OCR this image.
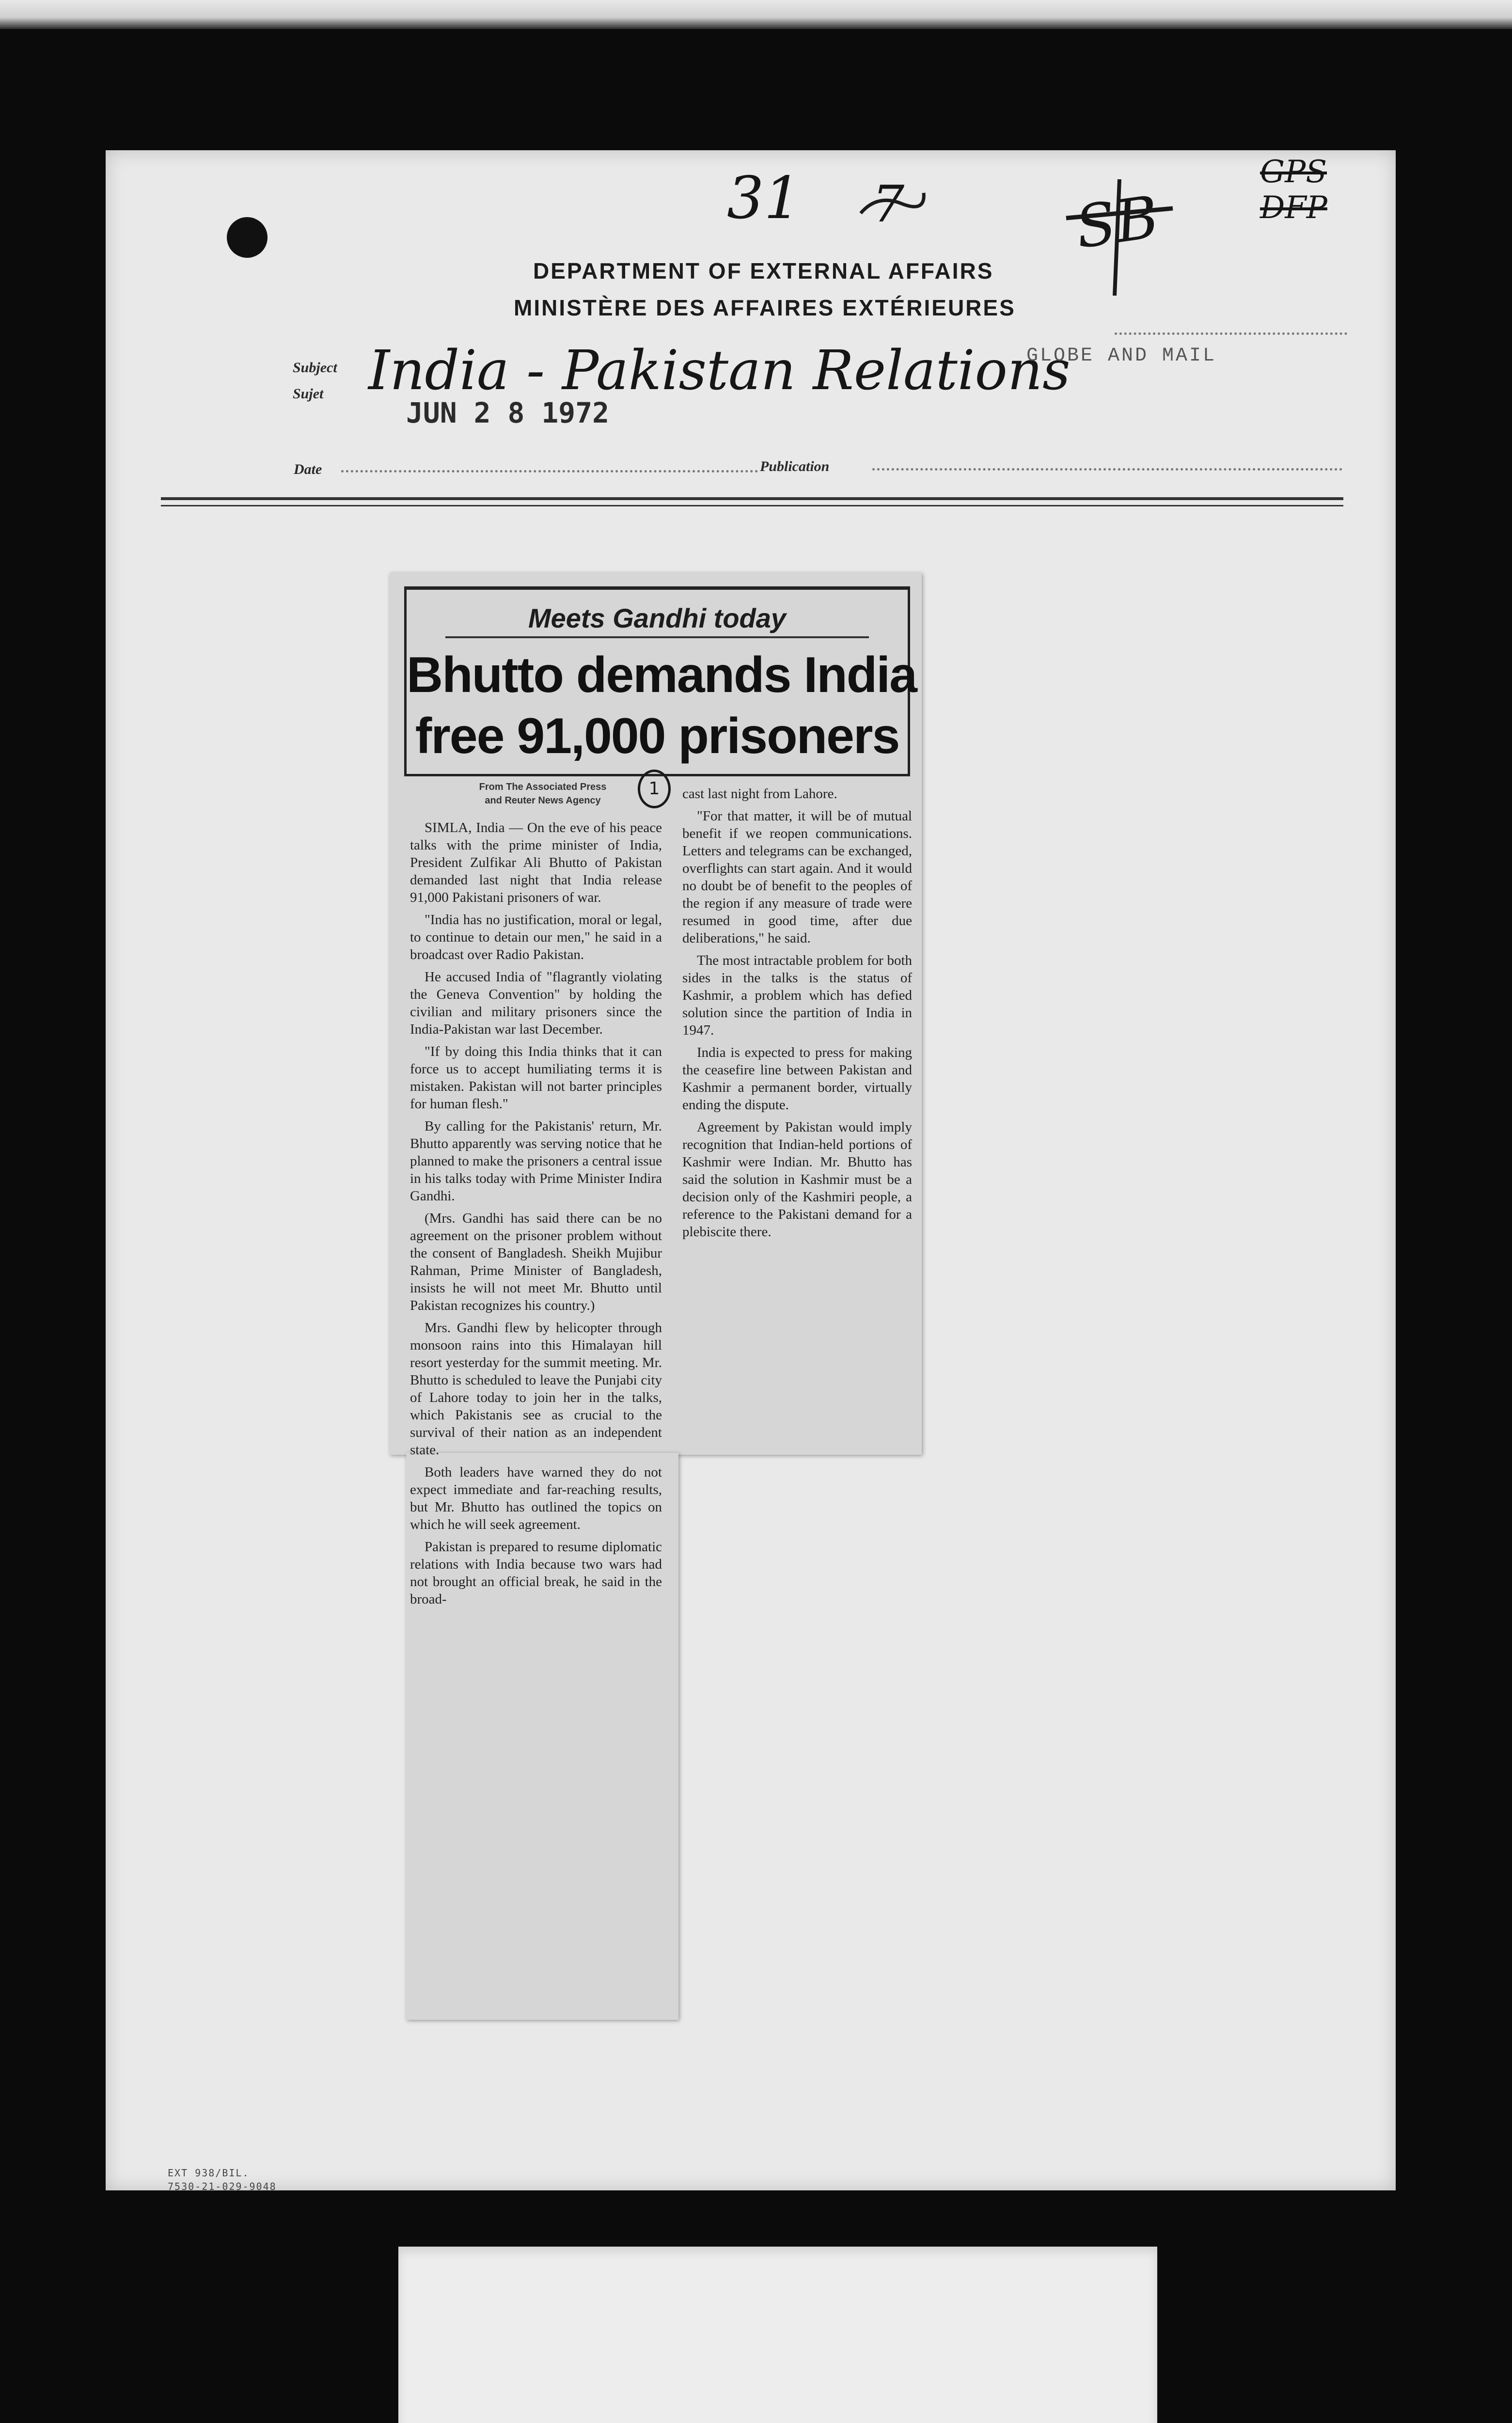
31 7	SB
GPS
DFP
DEPARTMENT OF EXTERNAL AFFAIRS
MINISTÈRE DES AFFAIRES EXTÉRIEURES
Subject
Sujet India - Pakistan Relations
JUN 2 8 1972
GLOBE AND MAIL
Date	Publication
Meets Gandhi today
Bhutto demands India
free 91,000 prisoners
1
From The Associated Press
and Reuter News Agency

SIMLA, India — On the eve of his peace talks with the prime minister of India, President Zulfikar Ali Bhutto of Pakistan demanded last night that India release 91,000 Pakistani prisoners of war.

"India has no justification, moral or legal, to continue to detain our men," he said in a broadcast over Radio Pakistan.

He accused India of "flagrantly violating the Geneva Convention" by holding the civilian and military prisoners since the India-Pakistan war last December.

"If by doing this India thinks that it can force us to accept humiliating terms it is mistaken. Pakistan will not barter principles for human flesh."

By calling for the Pakistanis' return, Mr. Bhutto apparently was serving notice that he planned to make the prisoners a central issue in his talks today with Prime Minister Indira Gandhi.

(Mrs. Gandhi has said there can be no agreement on the prisoner problem without the consent of Bangladesh. Sheikh Mujibur Rahman, Prime Minister of Bangladesh, insists he will not meet Mr. Bhutto until Pakistan recognizes his country.)

Mrs. Gandhi flew by helicopter through monsoon rains into this Himalayan hill resort yesterday for the summit meeting. Mr. Bhutto is scheduled to leave the Punjabi city of Lahore today to join her in the talks, which Pakistanis see as crucial to the survival of their nation as an independent state.

Both leaders have warned they do not expect immediate and far-reaching results, but Mr. Bhutto has outlined the topics on which he will seek agreement.

Pakistan is prepared to resume diplomatic relations with India because two wars had not brought an official break, he said in the broad-

cast last night from Lahore.

"For that matter, it will be of mutual benefit if we reopen communications. Letters and telegrams can be exchanged, overflights can start again. And it would no doubt be of benefit to the peoples of the region if any measure of trade were resumed in good time, after due deliberations," he said.

The most intractable problem for both sides in the talks is the status of Kashmir, a problem which has defied solution since the partition of India in 1947.

India is expected to press for making the ceasefire line between Pakistan and Kashmir a permanent border, virtually ending the dispute.

Agreement by Pakistan would imply recognition that Indian-held portions of Kashmir were Indian. Mr. Bhutto has said the solution in Kashmir must be a decision only of the Kashmiri people, a reference to the Pakistani demand for a plebiscite there.

EXT 938/BIL.
7530-21-029-9048
